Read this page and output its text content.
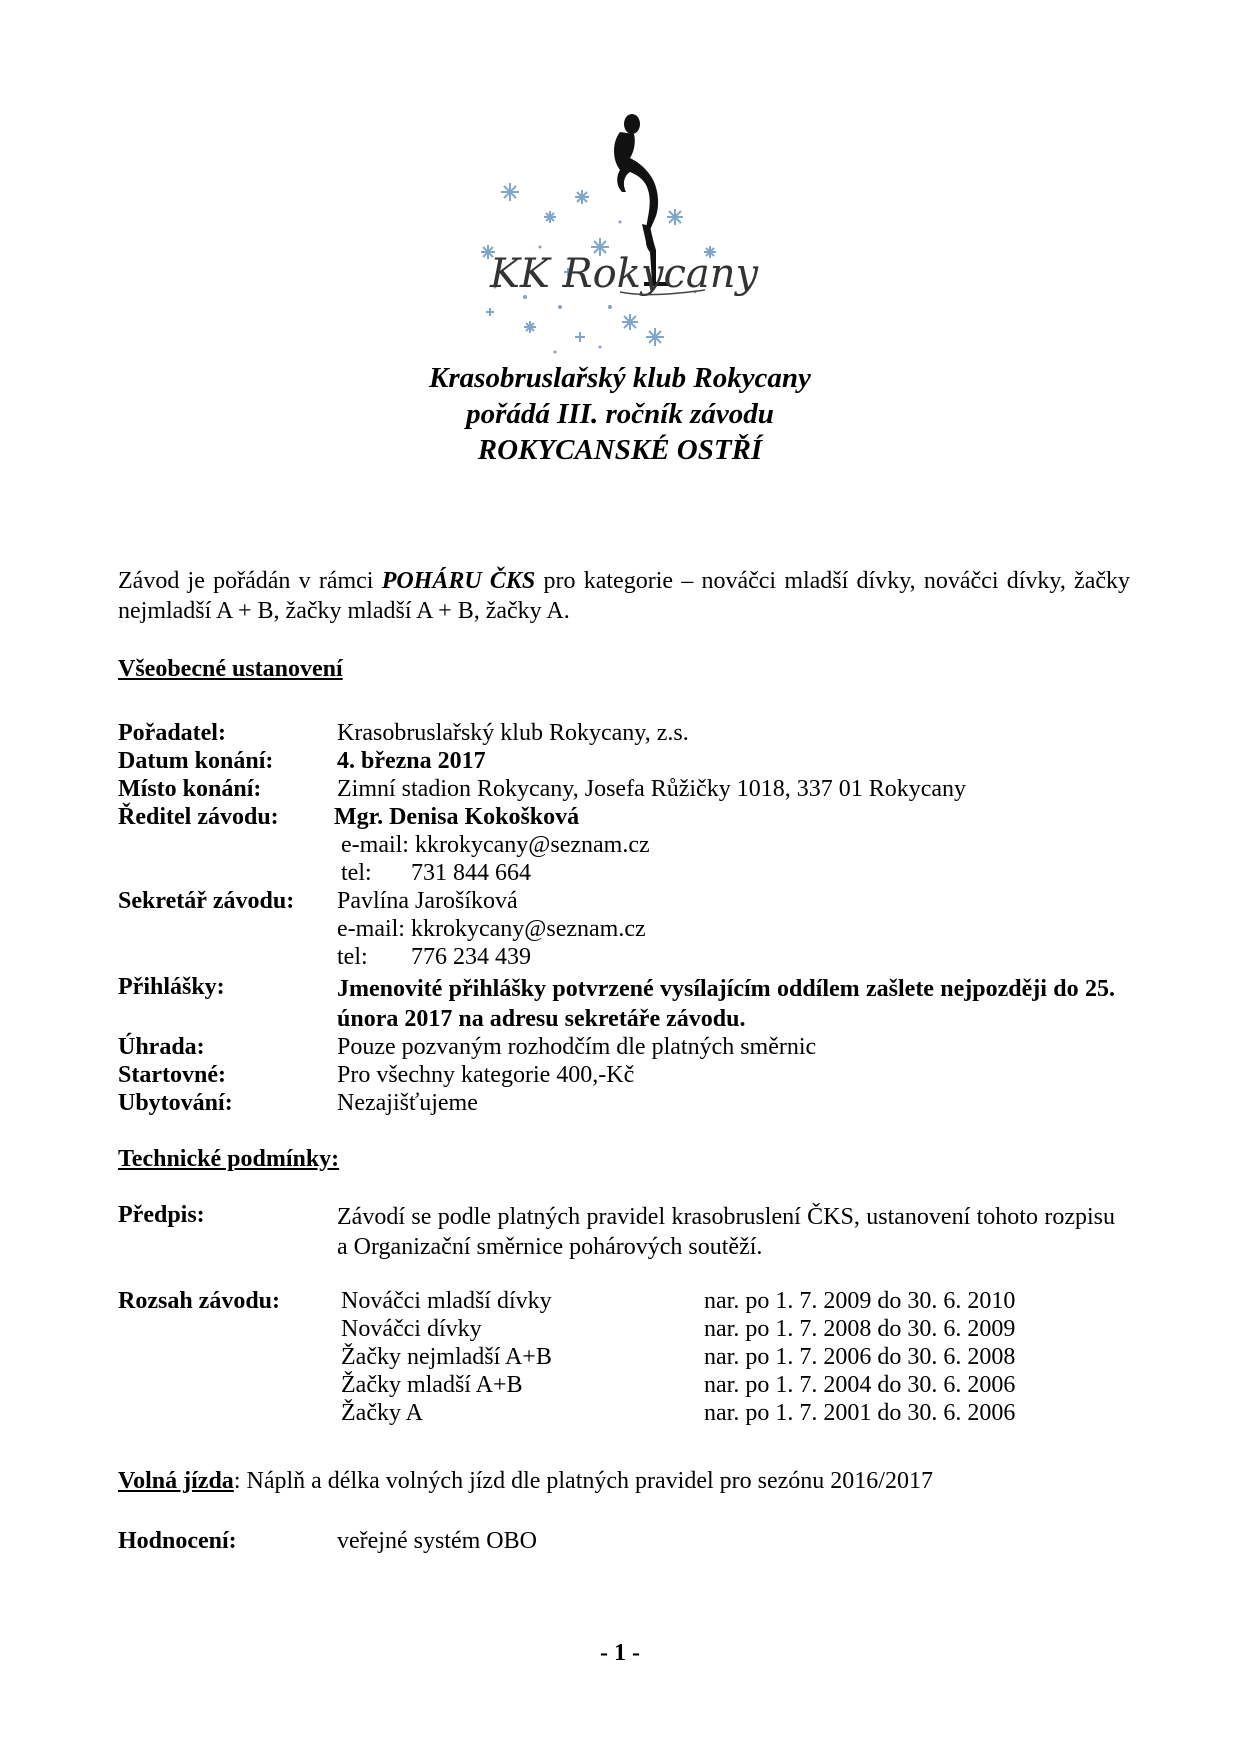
KK Rokycany
Krasobruslařský klub Rokycany
pořádá III. ročník závodu
ROKYCANSKÉ OSTŘÍ
Závod je pořádán v rámci POHÁRU ČKS pro kategorie – nováčci mladší dívky, nováčci dívky, žačky nejmladší A + B, žačky mladší A + B, žačky A.
Všeobecné ustanovení
Pořadatel:	Krasobruslařský klub Rokycany, z.s.
Datum konání:	4. března 2017
Místo konání:	Zimní stadion Rokycany, Josefa Růžičky 1018, 337 01 Rokycany
Ředitel závodu: Mgr. Denisa Kokošková
e-mail: kkrokycany@seznam.cz
tel: 731 844 664
Sekretář závodu: Pavlína Jarošíková
e-mail: kkrokycany@seznam.cz
tel: 776 234 439
Přihlášky:	Jmenovité přihlášky potvrzené vysílajícím oddílem zašlete nejpozději do 25. února 2017 na adresu sekretáře závodu.
Úhrada:	Pouze pozvaným rozhodčím dle platných směrnic
Startovné:	Pro všechny kategorie 400,-Kč
Ubytování:	Nezajišťujeme
Technické podmínky:
Předpis:	Závodí se podle platných pravidel krasobruslení ČKS, ustanovení tohoto rozpisu a Organizační směrnice pohárových soutěží.
Rozsah závodu:	Nováčci mladší dívky	nar. po 1. 7. 2009 do 30. 6. 2010
Nováčci dívky	nar. po 1. 7. 2008 do 30. 6. 2009
Žačky nejmladší A+B	nar. po 1. 7. 2006 do 30. 6. 2008
Žačky mladší A+B	nar. po 1. 7. 2004 do 30. 6. 2006
Žačky A	nar. po 1. 7. 2001 do 30. 6. 2006
Volná jízda: Náplň a délka volných jízd dle platných pravidel pro sezónu 2016/2017
Hodnocení:	veřejné systém OBO
- 1 -
